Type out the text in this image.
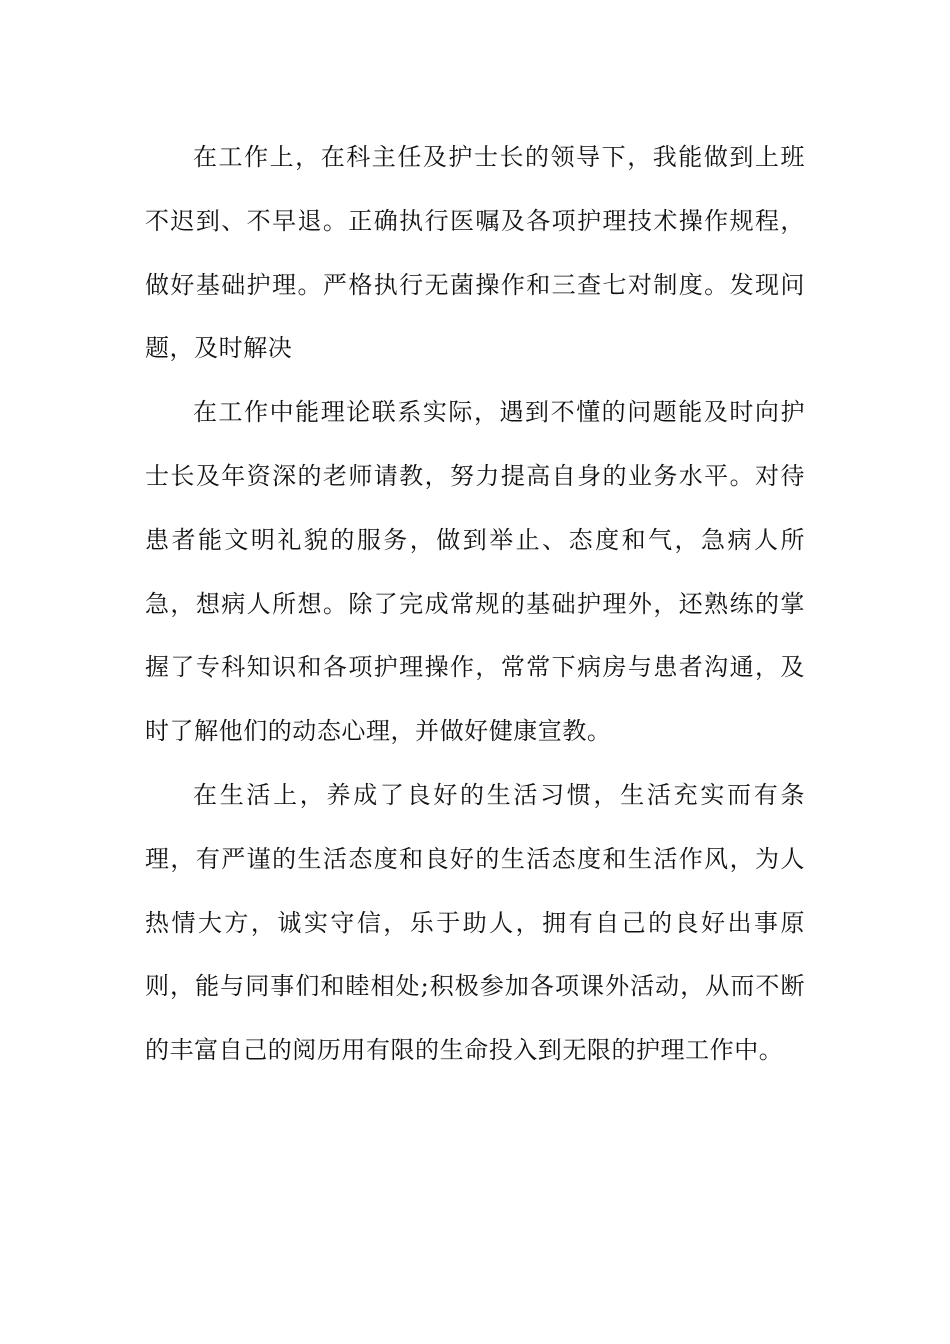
在工作上，在科主任及护士长的领导下，我能做到上班不迟到、不早退。正确执行医嘱及各项护理技术操作规程，做好基础护理。严格执行无菌操作和三查七对制度。发现问题，及时解决

在工作中能理论联系实际，遇到不懂的问题能及时向护士长及年资深的老师请教，努力提高自身的业务水平。对待患者能文明礼貌的服务，做到举止、态度和气，急病人所急，想病人所想。除了完成常规的基础护理外，还熟练的掌握了专科知识和各项护理操作，常常下病房与患者沟通，及时了解他们的动态心理，并做好健康宣教。

在生活上，养成了良好的生活习惯，生活充实而有条理，有严谨的生活态度和良好的生活态度和生活作风，为人热情大方，诚实守信，乐于助人，拥有自己的良好出事原则，能与同事们和睦相处;积极参加各项课外活动，从而不断的丰富自己的阅历用有限的生命投入到无限的护理工作中。
